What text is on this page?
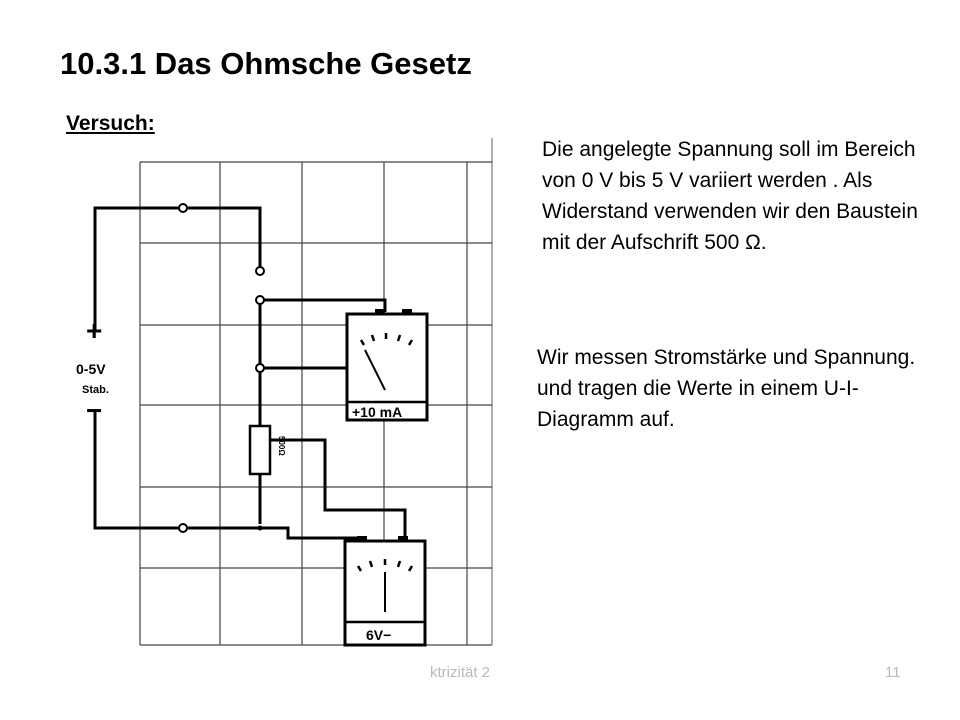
10.3.1 Das Ohmsche Gesetz
Versuch:
500Ω
+
0-5V
Stab.
−	+10 mA
6V−
Die angelegte Spannung soll im Bereich von 0 V bis 5 V variiert werden . Als Widerstand verwenden wir den Baustein mit der Aufschrift 500 Ω.
Wir messen Stromstärke und Spannung. und tragen die Werte in einem U-I- Diagramm auf.
ktrizität 2	11
